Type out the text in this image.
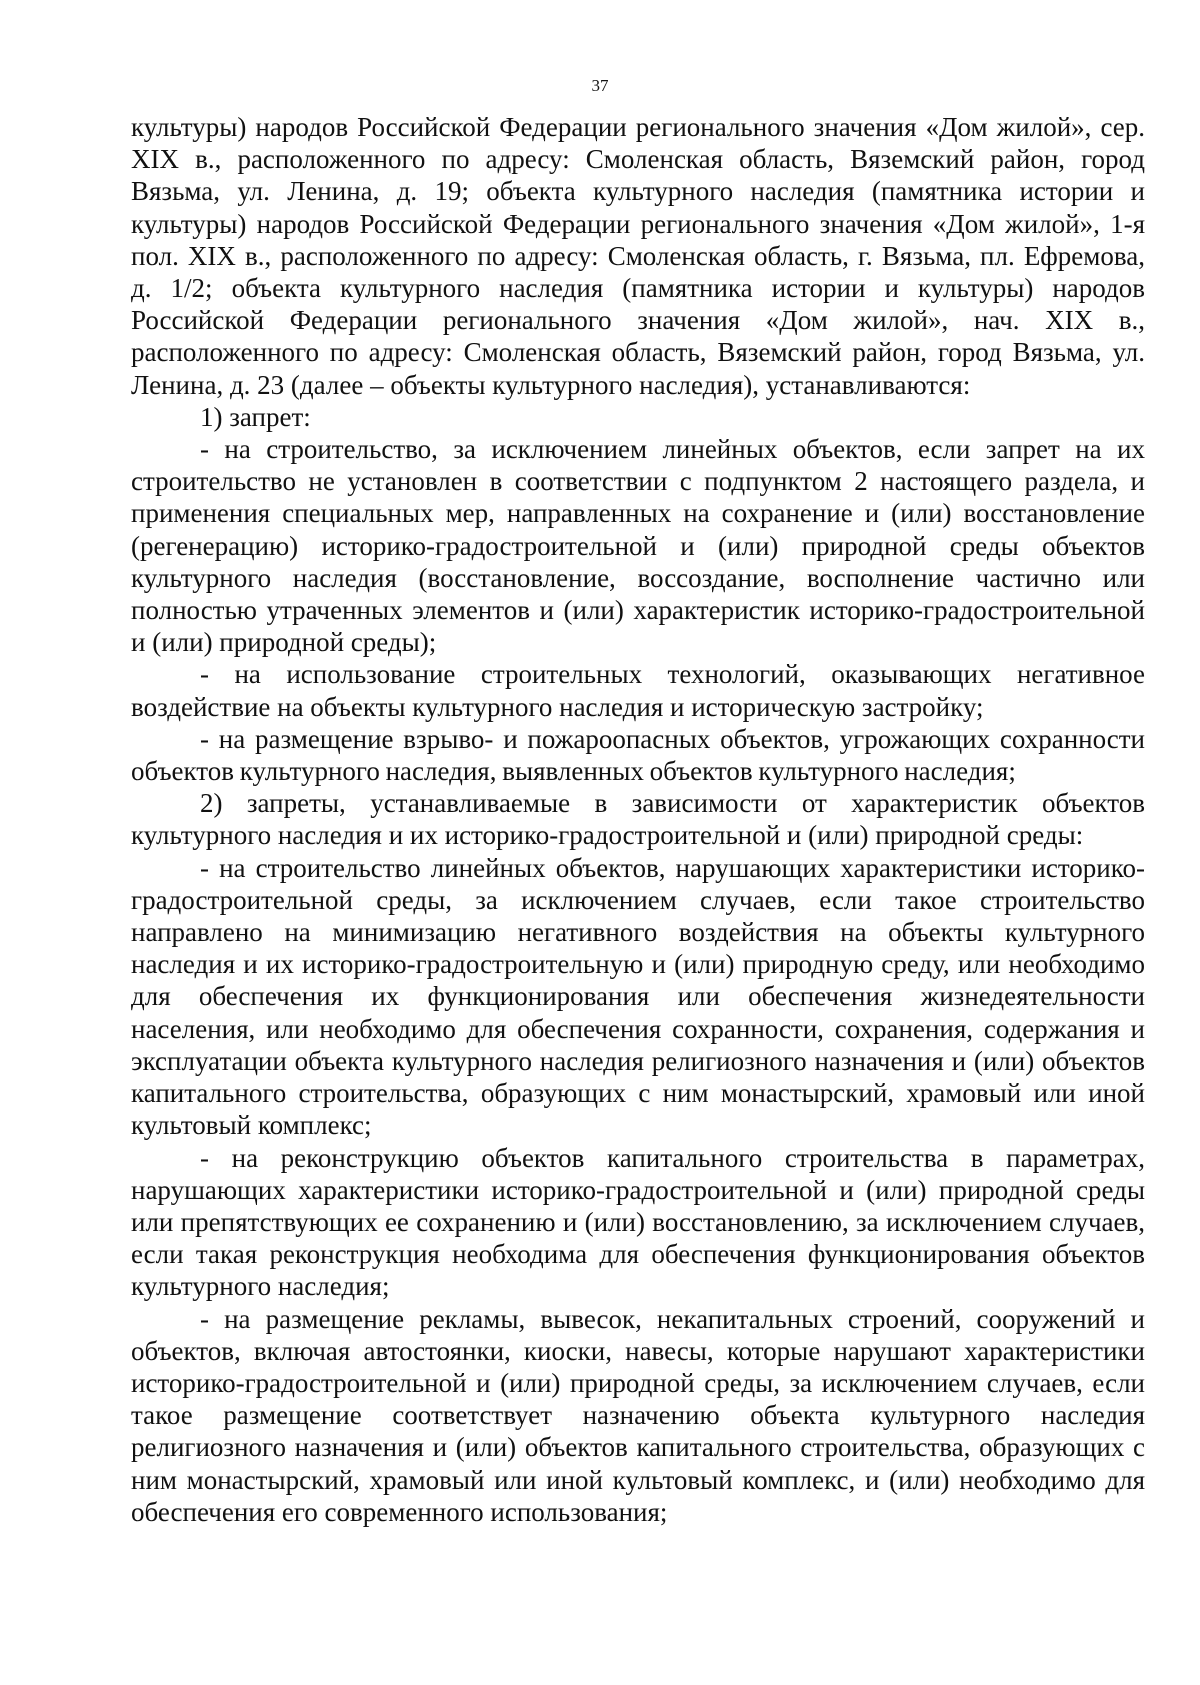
37

культуры) народов Российской Федерации регионального значения «Дом жилой», сер. XIX в., расположенного по адресу: Смоленская область, Вяземский район, город Вязьма, ул. Ленина, д. 19; объекта культурного наследия (памятника истории и культуры) народов Российской Федерации регионального значения «Дом жилой», 1-я пол. XIX в., расположенного по адресу: Смоленская область, г. Вязьма, пл. Ефремова, д. 1/2; объекта культурного наследия (памятника истории и культуры) народов Российской Федерации регионального значения «Дом жилой», нач. XIX в., расположенного по адресу: Смоленская область, Вяземский район, город Вязьма, ул. Ленина, д. 23 (далее – объекты культурного наследия), устанавливаются:

1) запрет:

- на строительство, за исключением линейных объектов, если запрет на их строительство не установлен в соответствии с подпунктом 2 настоящего раздела, и применения специальных мер, направленных на сохранение и (или) восстановление (регенерацию) историко-градостроительной и (или) природной среды объектов культурного наследия (восстановление, воссоздание, восполнение частично или полностью утраченных элементов и (или) характеристик историко-градостроительной и (или) природной среды);

- на использование строительных технологий, оказывающих негативное воздействие на объекты культурного наследия и историческую застройку;

- на размещение взрыво- и пожароопасных объектов, угрожающих сохранности объектов культурного наследия, выявленных объектов культурного наследия;

2) запреты, устанавливаемые в зависимости от характеристик объектов культурного наследия и их историко-градостроительной и (или) природной среды:

- на строительство линейных объектов, нарушающих характеристики историко-градостроительной среды, за исключением случаев, если такое строительство направлено на минимизацию негативного воздействия на объекты культурного наследия и их историко-градостроительную и (или) природную среду, или необходимо для обеспечения их функционирования или обеспечения жизнедеятельности населения, или необходимо для обеспечения сохранности, сохранения, содержания и эксплуатации объекта культурного наследия религиозного назначения и (или) объектов капитального строительства, образующих с ним монастырский, храмовый или иной культовый комплекс;

- на реконструкцию объектов капитального строительства в параметрах, нарушающих характеристики историко-градостроительной и (или) природной среды или препятствующих ее сохранению и (или) восстановлению, за исключением случаев, если такая реконструкция необходима для обеспечения функционирования объектов культурного наследия;

- на размещение рекламы, вывесок, некапитальных строений, сооружений и объектов, включая автостоянки, киоски, навесы, которые нарушают характеристики историко-градостроительной и (или) природной среды, за исключением случаев, если такое размещение соответствует назначению объекта культурного наследия религиозного назначения и (или) объектов капитального строительства, образующих с ним монастырский, храмовый или иной культовый комплекс, и (или) необходимо для обеспечения его современного использования;
